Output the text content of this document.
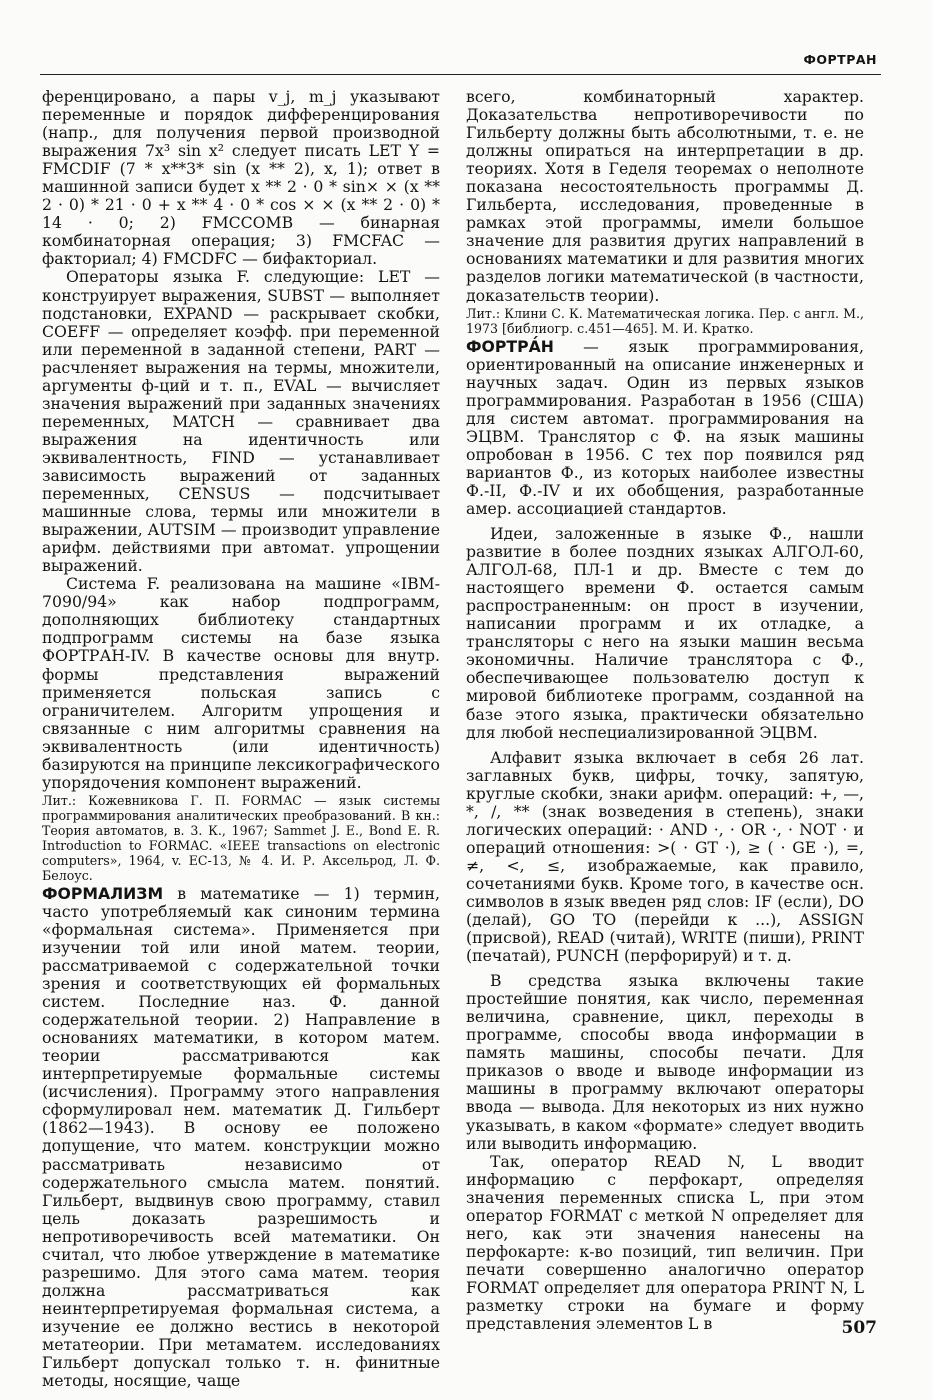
ФОРТРАН

ференцировано, а пары v_j, m_j указывают переменные и порядок дифференцирования (напр., для получения первой производной выражения 7x³ sin x² следует писать LET Y = FMCDIF (7 * x**3* sin (x ** 2), x, 1); ответ в машинной записи будет x ** 2 · 0 * sin× × (x ** 2 · 0) * 21 · 0 + x ** 4 · 0 * cos × × (x ** 2 · 0) * 14 · 0; 2) FMCCOMB — бинарная комбинаторная операция; 3) FMCFAC — факториал; 4) FMCDFC — бифакториал.

Операторы языка F. следующие: LET — конструирует выражения, SUBST — выполняет подстановки, EXPAND — раскрывает скобки, COEFF — определяет коэфф. при переменной или переменной в заданной степени, PART — расчленяет выражения на термы, множители, аргументы ф-ций и т. п., EVAL — вычисляет значения выражений при заданных значениях переменных, MATCH — сравнивает два выражения на идентичность или эквивалентность, FIND — устанавливает зависимость выражений от заданных переменных, CENSUS — подсчитывает машинные слова, термы или множители в выражении, AUTSIM — производит управление арифм. действиями при автомат. упрощении выражений.

Система F. реализована на машине «IBM-7090/94» как набор подпрограмм, дополняющих библиотеку стандартных подпрограмм системы на базе языка ФОРТРАН-IV. В качестве основы для внутр. формы представления выражений применяется польская запись с ограничителем. Алгоритм упрощения и связанные с ним алгоритмы сравнения на эквивалентность (или идентичность) базируются на принципе лексикографического упорядочения компонент выражений.

Лит.: Кожевникова Г. П. FORMAC — язык системы программирования аналитических преобразований. В кн.: Теория автоматов, в. 3. К., 1967; Sammet J. E., Bond E. R. Introduction to FORMAC. «IEEE transactions on electronic computers», 1964, v. EC-13, № 4. И. Р. Аксельрод, Л. Ф. Белоус.

ФОРМАЛИЗМ в математике — 1) термин, часто употребляемый как синоним термина «формальная система». Применяется при изучении той или иной матем. теории, рассматриваемой с содержательной точки зрения и соответствующих ей формальных систем. Последние наз. Ф. данной содержательной теории. 2) Направление в основаниях математики, в котором матем. теории рассматриваются как интерпретируемые формальные системы (исчисления). Программу этого направления сформулировал нем. математик Д. Гильберт (1862—1943). В основу ее положено допущение, что матем. конструкции можно рассматривать независимо от содержательного смысла матем. понятий. Гильберт, выдвинув свою программу, ставил цель доказать разрешимость и непротиворечивость всей математики. Он считал, что любое утверждение в математике разрешимо. Для этого сама матем. теория должна рассматриваться как неинтерпретируемая формальная система, а изучение ее должно вестись в некоторой метатеории. При метаматем. исследованиях Гильберт допускал только т. н. финитные методы, носящие, чаще

всего, комбинаторный характер. Доказательства непротиворечивости по Гильберту должны быть абсолютными, т. е. не должны опираться на интерпретации в др. теориях. Хотя в Геделя теоремах о неполноте показана несостоятельность программы Д. Гильберта, исследования, проведенные в рамках этой программы, имели большое значение для развития других направлений в основаниях математики и для развития многих разделов логики математической (в частности, доказательств теории).

Лит.: Клини С. К. Математическая логика. Пер. с англ. М., 1973 [библиогр. с.451—465]. М. И. Кратко.

ФОРТРА́Н — язык программирования, ориентированный на описание инженерных и научных задач. Один из первых языков программирования. Разработан в 1956 (США) для систем автомат. программирования на ЭЦВМ. Транслятор с Ф. на язык машины опробован в 1956. С тех пор появился ряд вариантов Ф., из которых наиболее известны Ф.-II, Ф.-IV и их обобщения, разработанные амер. ассоциацией стандартов.

Идеи, заложенные в языке Ф., нашли развитие в более поздних языках АЛГОЛ-60, АЛГОЛ-68, ПЛ-1 и др. Вместе с тем до настоящего времени Ф. остается самым распространенным: он прост в изучении, написании программ и их отладке, а трансляторы с него на языки машин весьма экономичны. Наличие транслятора с Ф., обеспечивающее пользователю доступ к мировой библиотеке программ, созданной на базе этого языка, практически обязательно для любой неспециализированной ЭЦВМ.

Алфавит языка включает в себя 26 лат. заглавных букв, цифры, точку, запятую, круглые скобки, знаки арифм. операций: +, —, *, /, ** (знак возведения в степень), знаки логических операций: · AND ·, · OR ·, · NOT · и операций отношения: >( · GT ·), ≥ ( · GE ·), =, ≠, <, ≤, изображаемые, как правило, сочетаниями букв. Кроме того, в качестве осн. символов в язык введен ряд слов: IF (если), DO (делай), GO TO (перейди к ...), ASSIGN (присвой), READ (читай), WRITE (пиши), PRINT (печатай), PUNCH (перфорируй) и т. д.

В средства языка включены такие простейшие понятия, как число, переменная величина, сравнение, цикл, переходы в программе, способы ввода информации в память машины, способы печати. Для приказов о вводе и выводе информации из машины в программу включают операторы ввода — вывода. Для некоторых из них нужно указывать, в каком «формате» следует вводить или выводить информацию.

Так, оператор READ N, L вводит информацию с перфокарт, определяя значения переменных списка L, при этом оператор FORMAT с меткой N определяет для него, как эти значения нанесены на перфокарте: к-во позиций, тип величин. При печати совершенно аналогично оператор FORMAT определяет для оператора PRINT N, L разметку строки на бумаге и форму представления элементов L в	507
